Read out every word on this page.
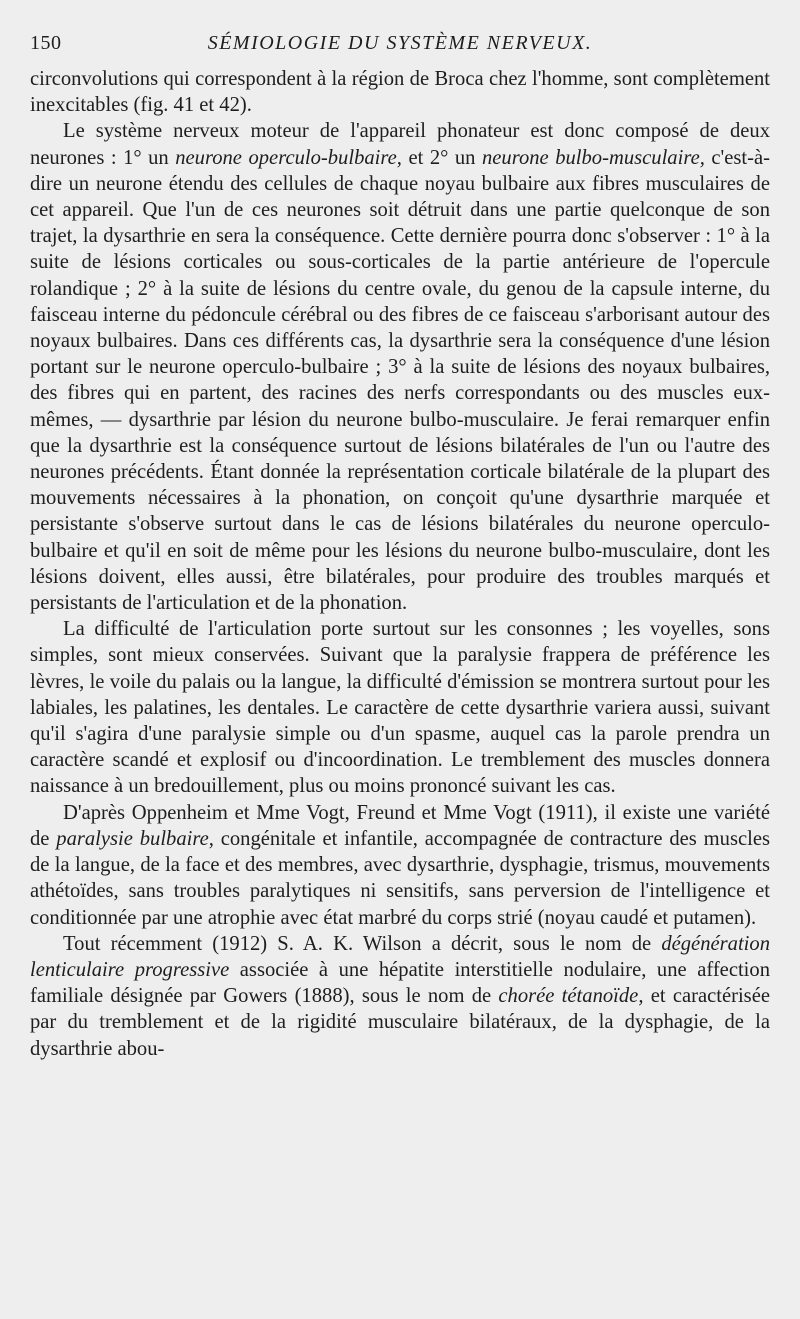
150	SÉMIOLOGIE DU SYSTÈME NERVEUX.

circonvolutions qui correspondent à la région de Broca chez l'homme, sont complètement inexcitables (fig. 41 et 42).

Le système nerveux moteur de l'appareil phonateur est donc composé de deux neurones : 1° un neurone operculo-bulbaire, et 2° un neurone bulbo-musculaire, c'est-à-dire un neurone étendu des cellules de chaque noyau bulbaire aux fibres musculaires de cet appareil. Que l'un de ces neurones soit détruit dans une partie quelconque de son trajet, la dysarthrie en sera la conséquence. Cette dernière pourra donc s'observer : 1° à la suite de lésions corticales ou sous-corticales de la partie antérieure de l'opercule rolandique ; 2° à la suite de lésions du centre ovale, du genou de la capsule interne, du faisceau interne du pédoncule cérébral ou des fibres de ce faisceau s'arborisant autour des noyaux bulbaires. Dans ces différents cas, la dysarthrie sera la conséquence d'une lésion portant sur le neurone operculo-bulbaire ; 3° à la suite de lésions des noyaux bulbaires, des fibres qui en partent, des racines des nerfs correspondants ou des muscles eux-mêmes, — dysarthrie par lésion du neurone bulbo-musculaire. Je ferai remarquer enfin que la dysarthrie est la conséquence surtout de lésions bilatérales de l'un ou l'autre des neurones précédents. Étant donnée la représentation corticale bilatérale de la plupart des mouvements nécessaires à la phonation, on conçoit qu'une dysarthrie marquée et persistante s'observe surtout dans le cas de lésions bilatérales du neurone operculo-bulbaire et qu'il en soit de même pour les lésions du neurone bulbo-musculaire, dont les lésions doivent, elles aussi, être bilatérales, pour produire des troubles marqués et persistants de l'articulation et de la phonation.

La difficulté de l'articulation porte surtout sur les consonnes ; les voyelles, sons simples, sont mieux conservées. Suivant que la paralysie frappera de préférence les lèvres, le voile du palais ou la langue, la difficulté d'émission se montrera surtout pour les labiales, les palatines, les dentales. Le caractère de cette dysarthrie variera aussi, suivant qu'il s'agira d'une paralysie simple ou d'un spasme, auquel cas la parole prendra un caractère scandé et explosif ou d'incoordination. Le tremblement des muscles donnera naissance à un bredouillement, plus ou moins prononcé suivant les cas.

D'après Oppenheim et Mme Vogt, Freund et Mme Vogt (1911), il existe une variété de paralysie bulbaire, congénitale et infantile, accompagnée de contracture des muscles de la langue, de la face et des membres, avec dysarthrie, dysphagie, trismus, mouvements athétoïdes, sans troubles paralytiques ni sensitifs, sans perversion de l'intelligence et conditionnée par une atrophie avec état marbré du corps strié (noyau caudé et putamen).

Tout récemment (1912) S. A. K. Wilson a décrit, sous le nom de dégénération lenticulaire progressive associée à une hépatite interstitielle nodulaire, une affection familiale désignée par Gowers (1888), sous le nom de chorée tétanoïde, et caractérisée par du tremblement et de la rigidité musculaire bilatéraux, de la dysphagie, de la dysarthrie abou-
